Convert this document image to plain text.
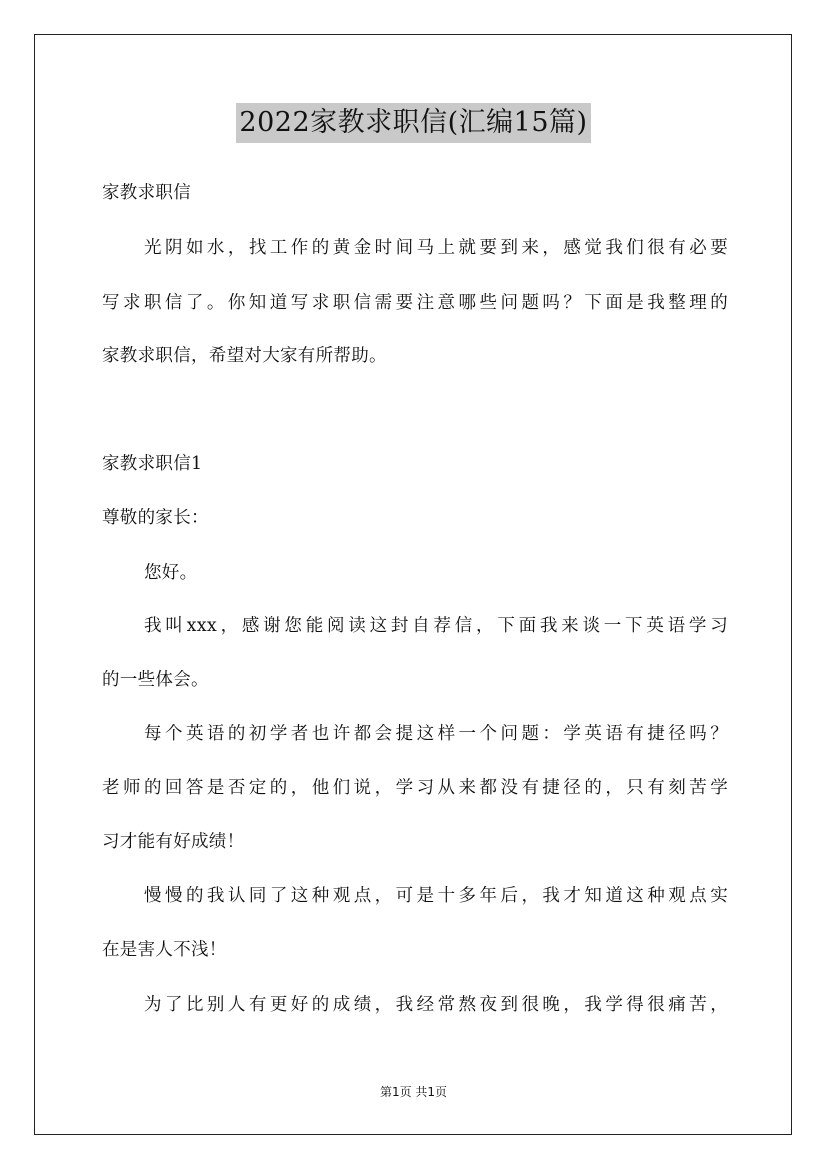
2022家教求职信(汇编15篇)
家教求职信
光阴如水，找工作的黄金时间马上就要到来，感觉我们很有必要
写求职信了。你知道写求职信需要注意哪些问题吗？下面是我整理的
家教求职信，希望对大家有所帮助。
家教求职信1
尊敬的家长：
您好。
我叫xxx，感谢您能阅读这封自荐信，下面我来谈一下英语学习
的一些体会。
每个英语的初学者也许都会提这样一个问题：学英语有捷径吗？
老师的回答是否定的，他们说，学习从来都没有捷径的，只有刻苦学
习才能有好成绩！
慢慢的我认同了这种观点，可是十多年后，我才知道这种观点实
在是害人不浅！
为了比别人有更好的成绩，我经常熬夜到很晚，我学得很痛苦，
第1页 共1页
